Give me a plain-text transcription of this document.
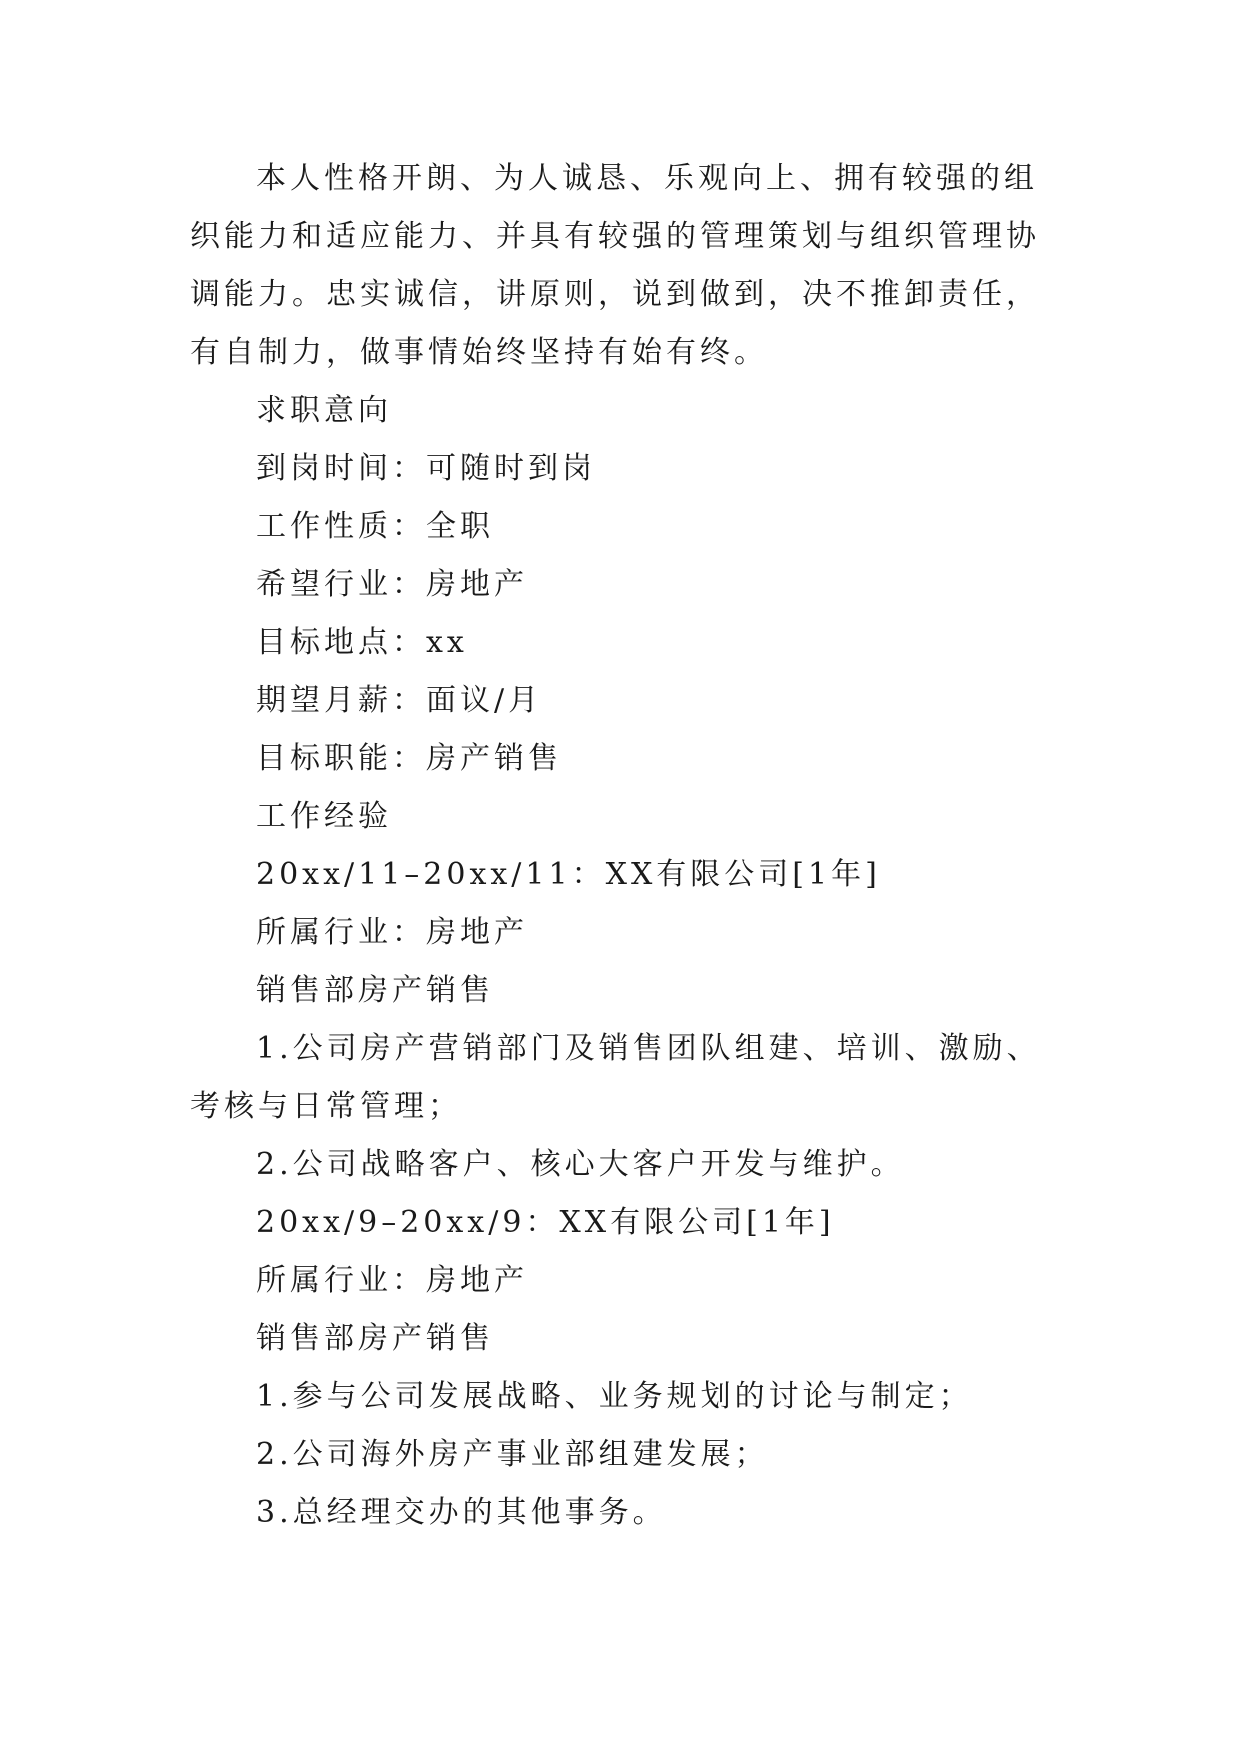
本人性格开朗、为人诚恳、乐观向上、拥有较强的组织能力和适应能力、并具有较强的管理策划与组织管理协调能力。忠实诚信，讲原则，说到做到，决不推卸责任，有自制力，做事情始终坚持有始有终。

求职意向

到岗时间：可随时到岗

工作性质：全职

希望行业：房地产

目标地点：xx

期望月薪：面议/月

目标职能：房产销售

工作经验

20xx/11–20xx/11：XX有限公司[1年]

所属行业：房地产

销售部房产销售

1.公司房产营销部门及销售团队组建、培训、激励、考核与日常管理；

2.公司战略客户、核心大客户开发与维护。

20xx/9–20xx/9：XX有限公司[1年]

所属行业：房地产

销售部房产销售

1.参与公司发展战略、业务规划的讨论与制定；

2.公司海外房产事业部组建发展；

3.总经理交办的其他事务。
